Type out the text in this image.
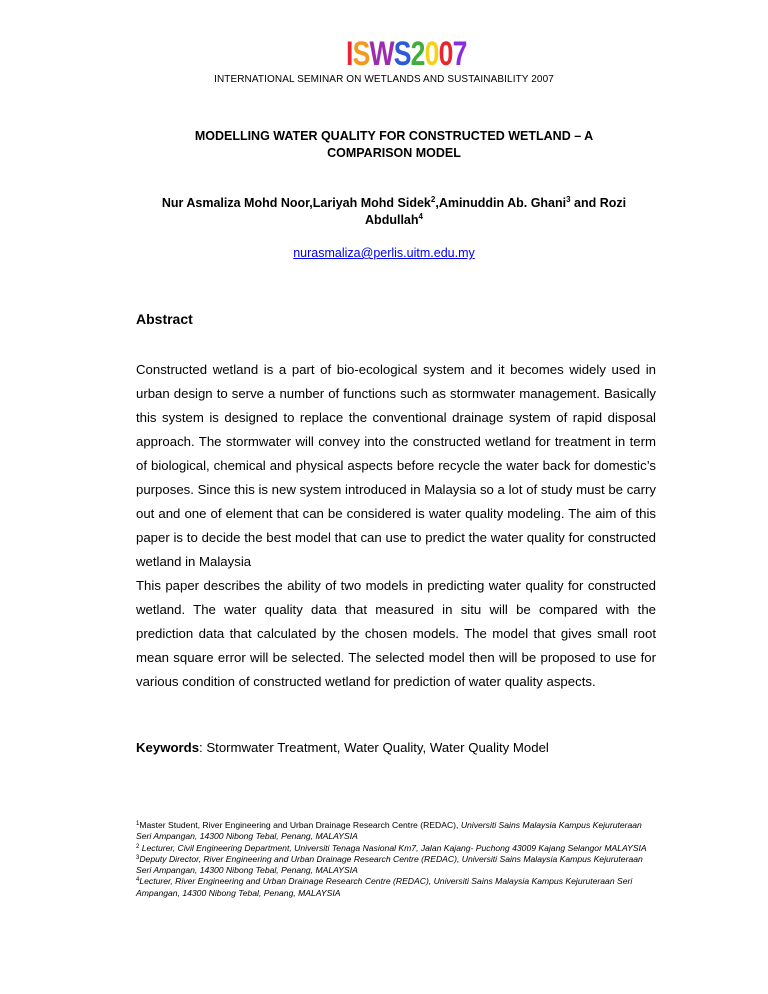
ISWS2007
INTERNATIONAL SEMINAR ON WETLANDS AND SUSTAINABILITY 2007
MODELLING WATER QUALITY FOR CONSTRUCTED WETLAND – A
COMPARISON MODEL
Nur Asmaliza Mohd Noor,Lariyah Mohd Sidek$^2$,Aminuddin Ab. Ghani$^3$ and Rozi
Abdullah$^4$
nurasmaliza@perlis.uitm.edu.my
Abstract

Constructed wetland is a part of bio-ecological system and it becomes widely used in urban design to serve a number of functions such as stormwater management. Basically this system is designed to replace the conventional drainage system of rapid disposal approach. The stormwater will convey into the constructed wetland for treatment in term of biological, chemical and physical aspects before recycle the water back for domestic’s purposes. Since this is new system introduced in Malaysia so a lot of study must be carry out and one of element that can be considered is water quality modeling. The aim of this paper is to decide the best model that can use to predict the water quality for constructed wetland in Malaysia

This paper describes the ability of two models in predicting water quality for constructed wetland. The water quality data that measured in situ will be compared with the prediction data that calculated by the chosen models. The model that gives small root mean square error will be selected. The selected model then will be proposed to use for various condition of constructed wetland for prediction of water quality aspects.

Keywords: Stormwater Treatment, Water Quality, Water Quality Model

$^1$Master Student, River Engineering and Urban Drainage Research Centre (REDAC), Universiti Sains Malaysia Kampus Kejuruteraan Seri Ampangan, 14300 Nibong Tebal, Penang, MALAYSIA

$^2$ Lecturer, Civil Engineering Department, Universiti Tenaga Nasional Km7, Jalan Kajang- Puchong 43009 Kajang Selangor MALAYSIA

$^3$Deputy Director, River Engineering and Urban Drainage Research Centre (REDAC), Universiti Sains Malaysia Kampus Kejuruteraan Seri Ampangan, 14300 Nibong Tebal, Penang, MALAYSIA

$^4$Lecturer, River Engineering and Urban Drainage Research Centre (REDAC), Universiti Sains Malaysia Kampus Kejuruteraan Seri Ampangan, 14300 Nibong Tebal, Penang, MALAYSIA
